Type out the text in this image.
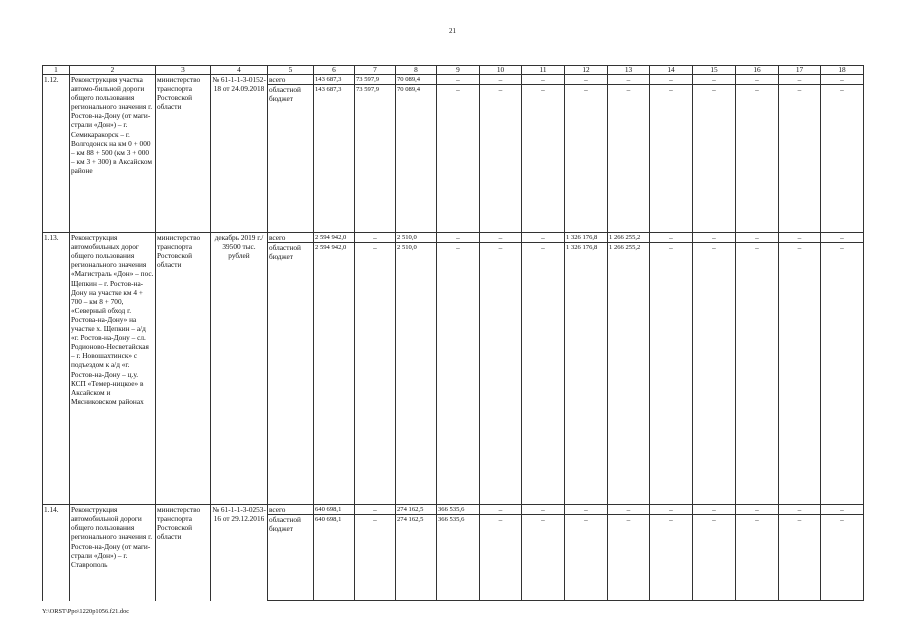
21
1	2	3	4	5	6	7	8	9	10	11	12	13	14	15	16	17	18
1.12.	Реконструкция участка автомо-бильной дороги общего пользования регионального значения г. Ростов-на-Дону (от маги-страли «Дон») – г. Семикаракорск – г. Волгодонск на км 0 + 000 – км 88 + 500 (км 3 + 000 – км 3 + 300) в Аксайском районе	министерство транспорта Ростовской области	№ 61-1-1-3-0152-18 от 24.09.2018	всего	143 687,3	73 597,9	70 089,4	–	–	–	–	–	–	–	–	–	–
				областной бюджет	143 687,3	73 597,9	70 089,4	–	–	–	–	–	–	–	–	–	–
1.13.	Реконструкция автомобильных дорог общего пользования регионального значения «Магистраль «Дон» – пос. Щепкин – г. Ростов-на-Дону на участке км 4 + 700 – км 8 + 700, «Северный обход г. Ростова-на-Дону» на участке х. Щепкин – а/д «г. Ростов-на-Дону – сл. Родионово-Несветайская – г. Новошахтинск» с подъездом к а/д «г. Ростов-на-Дону – ц.у. КСП «Темер-ницкое» в Аксайском и Мясниковском районах	министерство транспорта Ростовской области	декабрь 2019 г./ 39500 тыс. рублей	всего	2 594 942,0	–	2 510,0	–	–	–	1 326 176,8	1 266 255,2	–	–	–	–	–
				областной бюджет	2 594 942,0	–	2 510,0	–	–	–	1 326 176,8	1 266 255,2	–	–	–	–	–
1.14.	Реконструкция автомобильной дороги общего пользования регионального значения г. Ростов-на-Дону (от маги-страли «Дон») – г. Ставрополь	министерство транспорта Ростовской области	№ 61-1-1-3-0253-16 от 29.12.2016	всего	640 698,1	–	274 162,5	366 535,6	–	–	–	–	–	–	–	–	–
				областной бюджет	640 698,1	–	274 162,5	366 535,6	–	–	–	–	–	–	–	–	–
Y:\ORST\Ppo\1220p1056.f21.doc
